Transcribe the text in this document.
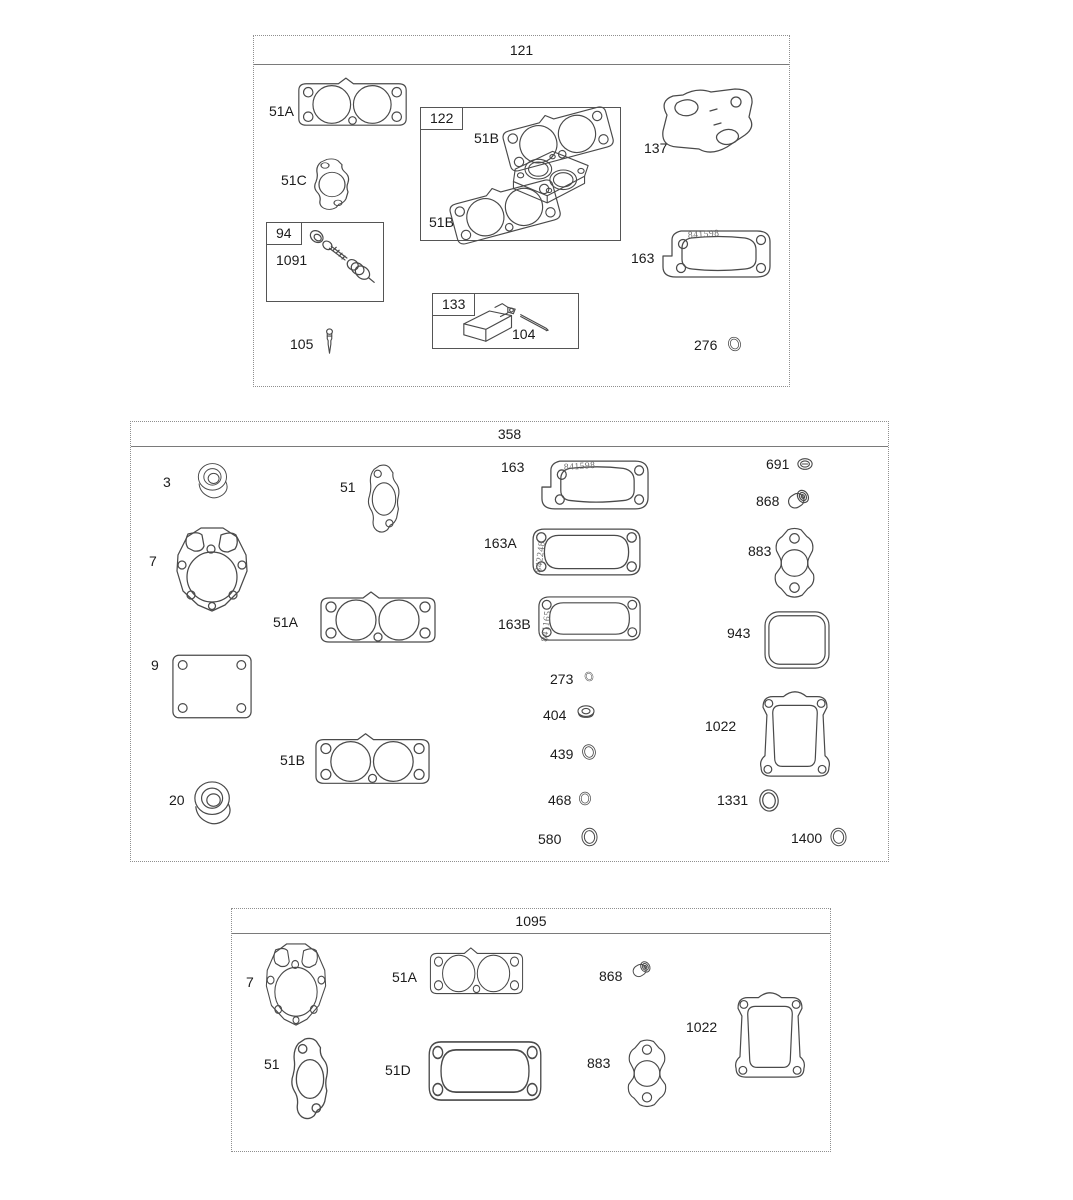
121
51A
51C
122
51B
51B
137
94
1091	163
841598
133
104
105	276
358
3	51
163	841598	691
868
7
163A 842248	883
51A	163B 841165	943
9
273
404
439
1022
51B
468	1331
20
580	1400
1095
7	51A	868
1022
51	51D	883
